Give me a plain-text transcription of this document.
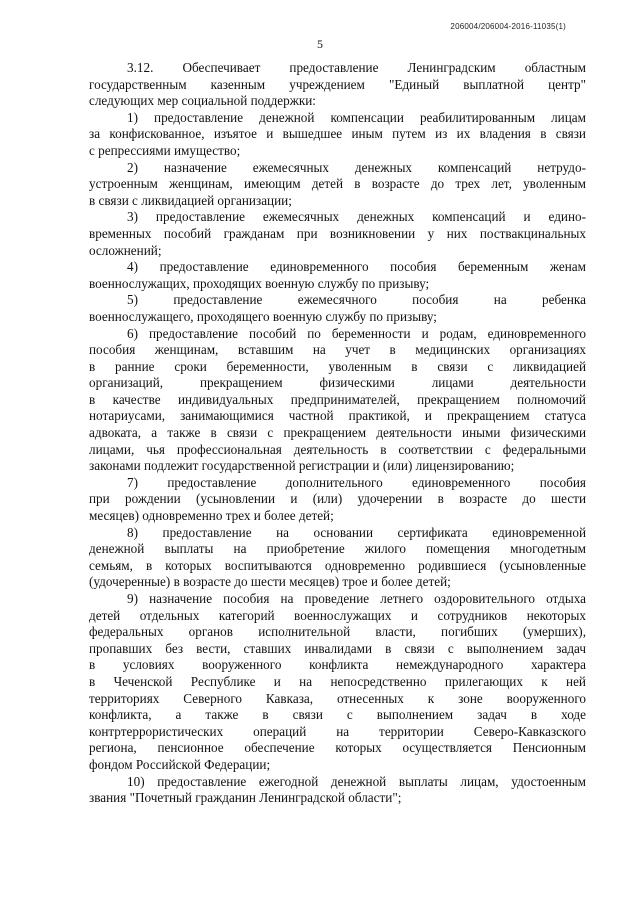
206004/206004-2016-11035(1)
5
3.12. Обеспечивает предоставление Ленинградским областным
государственным казенным учреждением "Единый выплатной центр"
следующих мер социальной поддержки:
1) предоставление денежной компенсации реабилитированным лицам
за конфискованное, изъятое и вышедшее иным путем из их владения в связи
с репрессиями имущество;
2) назначение ежемесячных денежных компенсаций нетрудо-
устроенным женщинам, имеющим детей в возрасте до трех лет, уволенным
в связи с ликвидацией организации;
3) предоставление ежемесячных денежных компенсаций и едино-
временных пособий гражданам при возникновении у них поствакцинальных
осложнений;
4) предоставление единовременного пособия беременным женам
военнослужащих, проходящих военную службу по призыву;
5) предоставление ежемесячного пособия на ребенка
военнослужащего, проходящего военную службу по призыву;
6) предоставление пособий по беременности и родам, единовременного
пособия женщинам, вставшим на учет в медицинских организациях
в ранние сроки беременности, уволенным в связи с ликвидацией
организаций, прекращением физическими лицами деятельности
в качестве индивидуальных предпринимателей, прекращением полномочий
нотариусами, занимающимися частной практикой, и прекращением статуса
адвоката, а также в связи с прекращением деятельности иными физическими
лицами, чья профессиональная деятельность в соответствии с федеральными
законами подлежит государственной регистрации и (или) лицензированию;
7) предоставление дополнительного единовременного пособия
при рождении (усыновлении и (или) удочерении в возрасте до шести
месяцев) одновременно трех и более детей;
8) предоставление на основании сертификата единовременной
денежной выплаты на приобретение жилого помещения многодетным
семьям, в которых воспитываются одновременно родившиеся (усыновленные
(удочеренные) в возрасте до шести месяцев) трое и более детей;
9) назначение пособия на проведение летнего оздоровительного отдыха
детей отдельных категорий военнослужащих и сотрудников некоторых
федеральных органов исполнительной власти, погибших (умерших),
пропавших без вести, ставших инвалидами в связи с выполнением задач
в условиях вооруженного конфликта немеждународного характера
в Чеченской Республике и на непосредственно прилегающих к ней
территориях Северного Кавказа, отнесенных к зоне вооруженного
конфликта, а также в связи с выполнением задач в ходе
контртеррористических операций на территории Северо-Кавказского
региона, пенсионное обеспечение которых осуществляется Пенсионным
фондом Российской Федерации;
10) предоставление ежегодной денежной выплаты лицам, удостоенным
звания "Почетный гражданин Ленинградской области";
